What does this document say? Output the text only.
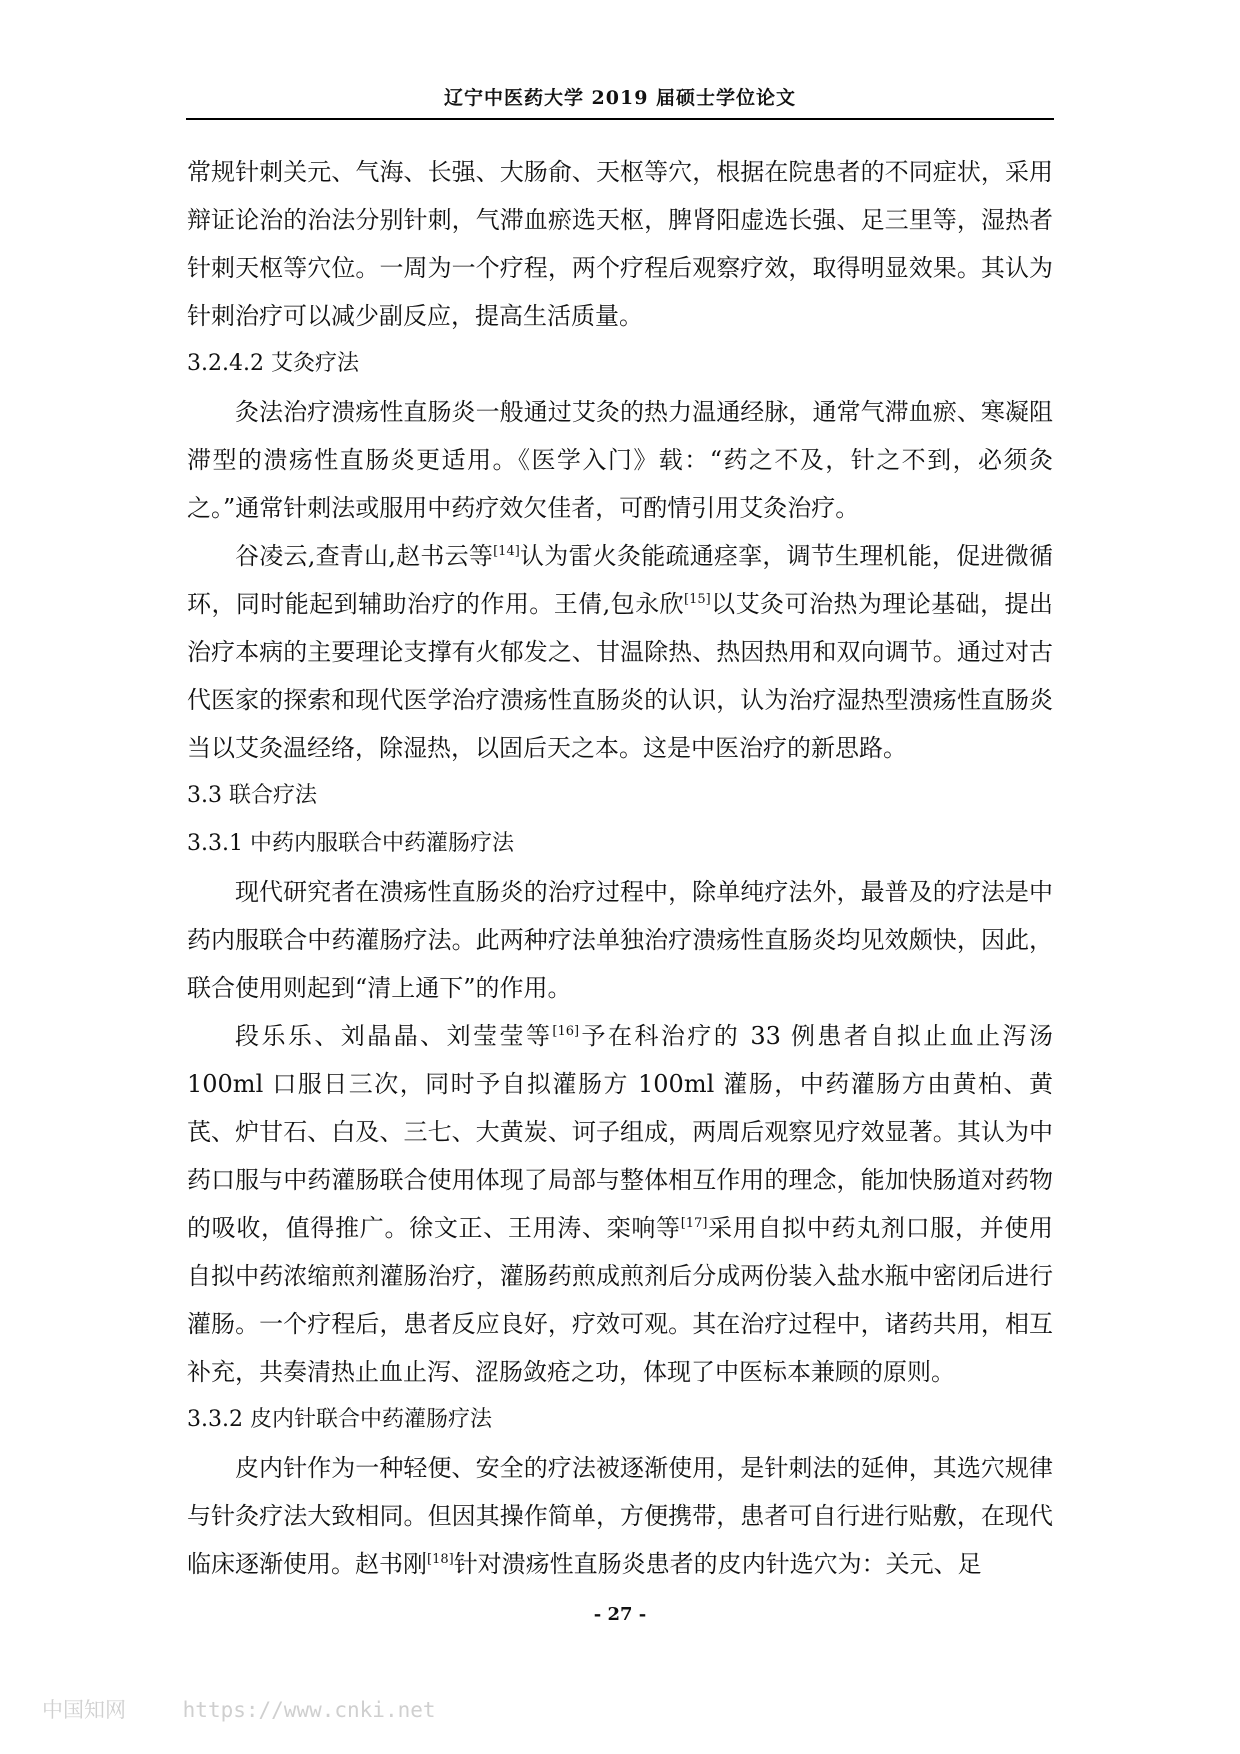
辽宁中医药大学 2019 届硕士学位论文

常规针刺关元、气海、长强、大肠俞、天枢等穴，根据在院患者的不同症状，采用辩证论治的治法分别针刺，气滞血瘀选天枢，脾肾阳虚选长强、足三里等，湿热者针刺天枢等穴位。一周为一个疗程，两个疗程后观察疗效，取得明显效果。其认为针刺治疗可以减少副反应，提高生活质量。

3.2.4.2 艾灸疗法

灸法治疗溃疡性直肠炎一般通过艾灸的热力温通经脉，通常气滞血瘀、寒凝阻滞型的溃疡性直肠炎更适用。《医学入门》载：“药之不及，针之不到，必须灸之。”通常针刺法或服用中药疗效欠佳者，可酌情引用艾灸治疗。

谷凌云,查青山,赵书云等[14]认为雷火灸能疏通痉挛，调节生理机能，促进微循环，同时能起到辅助治疗的作用。王倩,包永欣[15]以艾灸可治热为理论基础，提出治疗本病的主要理论支撑有火郁发之、甘温除热、热因热用和双向调节。通过对古代医家的探索和现代医学治疗溃疡性直肠炎的认识，认为治疗湿热型溃疡性直肠炎当以艾灸温经络，除湿热，以固后天之本。这是中医治疗的新思路。

3.3 联合疗法

3.3.1 中药内服联合中药灌肠疗法

现代研究者在溃疡性直肠炎的治疗过程中，除单纯疗法外，最普及的疗法是中药内服联合中药灌肠疗法。此两种疗法单独治疗溃疡性直肠炎均见效颇快，因此，联合使用则起到“清上通下”的作用。

段乐乐、刘晶晶、刘莹莹等[16]予在科治疗的 33 例患者自拟止血止泻汤 100ml 口服日三次，同时予自拟灌肠方 100ml 灌肠，中药灌肠方由黄柏、黄芪、炉甘石、白及、三七、大黄炭、诃子组成，两周后观察见疗效显著。其认为中药口服与中药灌肠联合使用体现了局部与整体相互作用的理念，能加快肠道对药物的吸收，值得推广。徐文正、王用涛、栾响等[17]采用自拟中药丸剂口服，并使用自拟中药浓缩煎剂灌肠治疗，灌肠药煎成煎剂后分成两份装入盐水瓶中密闭后进行灌肠。一个疗程后，患者反应良好，疗效可观。其在治疗过程中，诸药共用，相互补充，共奏清热止血止泻、涩肠敛疮之功，体现了中医标本兼顾的原则。

3.3.2 皮内针联合中药灌肠疗法

皮内针作为一种轻便、安全的疗法被逐渐使用，是针刺法的延伸，其选穴规律与针灸疗法大致相同。但因其操作简单，方便携带，患者可自行进行贴敷，在现代临床逐渐使用。赵书刚[18]针对溃疡性直肠炎患者的皮内针选穴为：关元、足

- 27 -
中国知网	https://www.cnki.net
